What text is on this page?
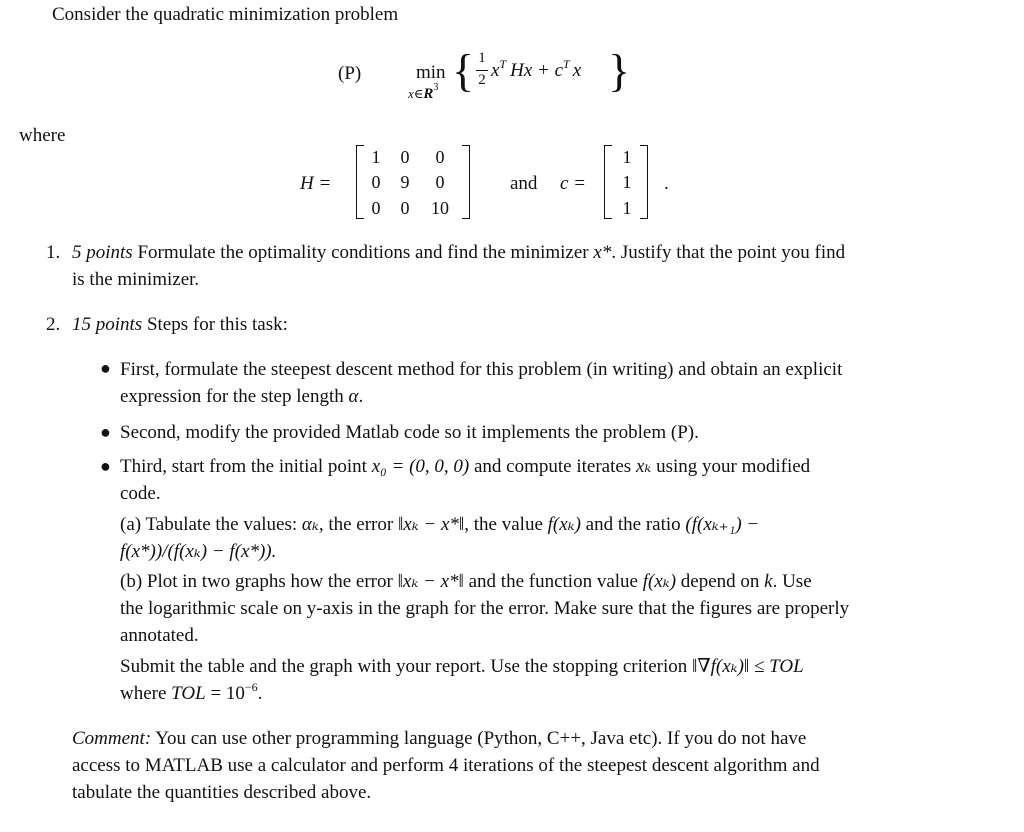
Consider the quadratic minimization problem
(P)	min
$x\in R^3$ { 1
2 $x^T$ $Hx + c^T$ x }
where
H =
1	0	0
0	9	0
0	0	10
and c =
1
1
1
.
1. 5 points Formulate the optimality conditions and find the minimizer x*. Justify that the point you find
is the minimizer.
2. 15 points Steps for this task:
● First, formulate the steepest descent method for this problem (in writing) and obtain an explicit
expression for the step length α.
● Second, modify the provided Matlab code so it implements the problem (P).
● Third, start from the initial point x₀ = (0, 0, 0) and compute iterates xₖ using your modified
code.
(a) Tabulate the values: αₖ, the error ‖xₖ − x*‖, the value f(xₖ) and the ratio (f(xₖ₊₁) −
f(x*))/(f(xₖ) − f(x*)).
(b) Plot in two graphs how the error ‖xₖ − x*‖ and the function value f(xₖ) depend on k. Use
the logarithmic scale on y-axis in the graph for the error. Make sure that the figures are properly
annotated.
Submit the table and the graph with your report. Use the stopping criterion ‖∇f(xₖ)‖ ≤ TOL
where TOL = $10^{-6}$.
Comment: You can use other programming language (Python, C++, Java etc). If you do not have
access to MATLAB use a calculator and perform 4 iterations of the steepest descent algorithm and
tabulate the quantities described above.
